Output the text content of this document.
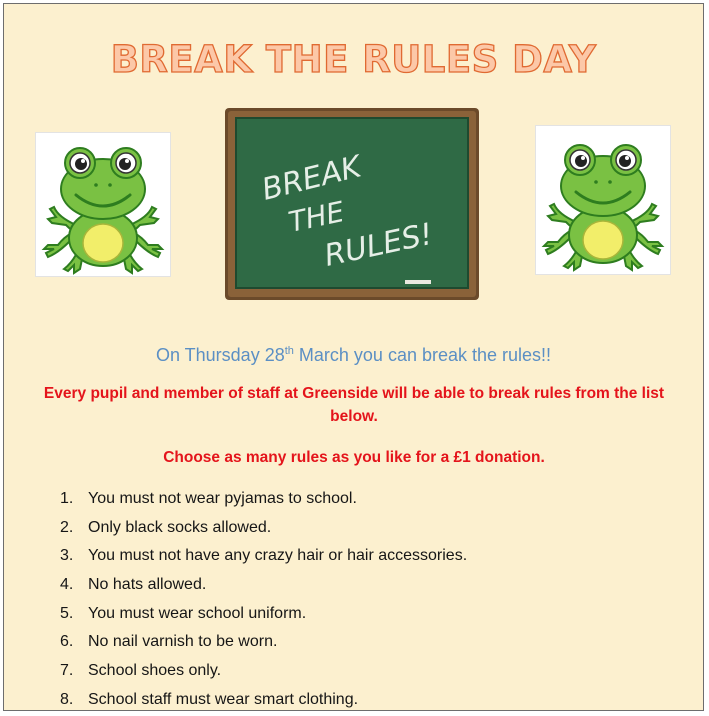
BREAK THE RULES DAY
BREAK
THE
RULES!
On Thursday 28th March you can break the rules!!
Every pupil and member of staff at Greenside will be able to break rules from the list below.
Choose as many rules as you like for a £1 donation.
1. You must not wear pyjamas to school.
2. Only black socks allowed.
3. You must not have any crazy hair or hair accessories.
4. No hats allowed.
5. You must wear school uniform.
6. No nail varnish to be worn.
7. School shoes only.
8. School staff must wear smart clothing.
